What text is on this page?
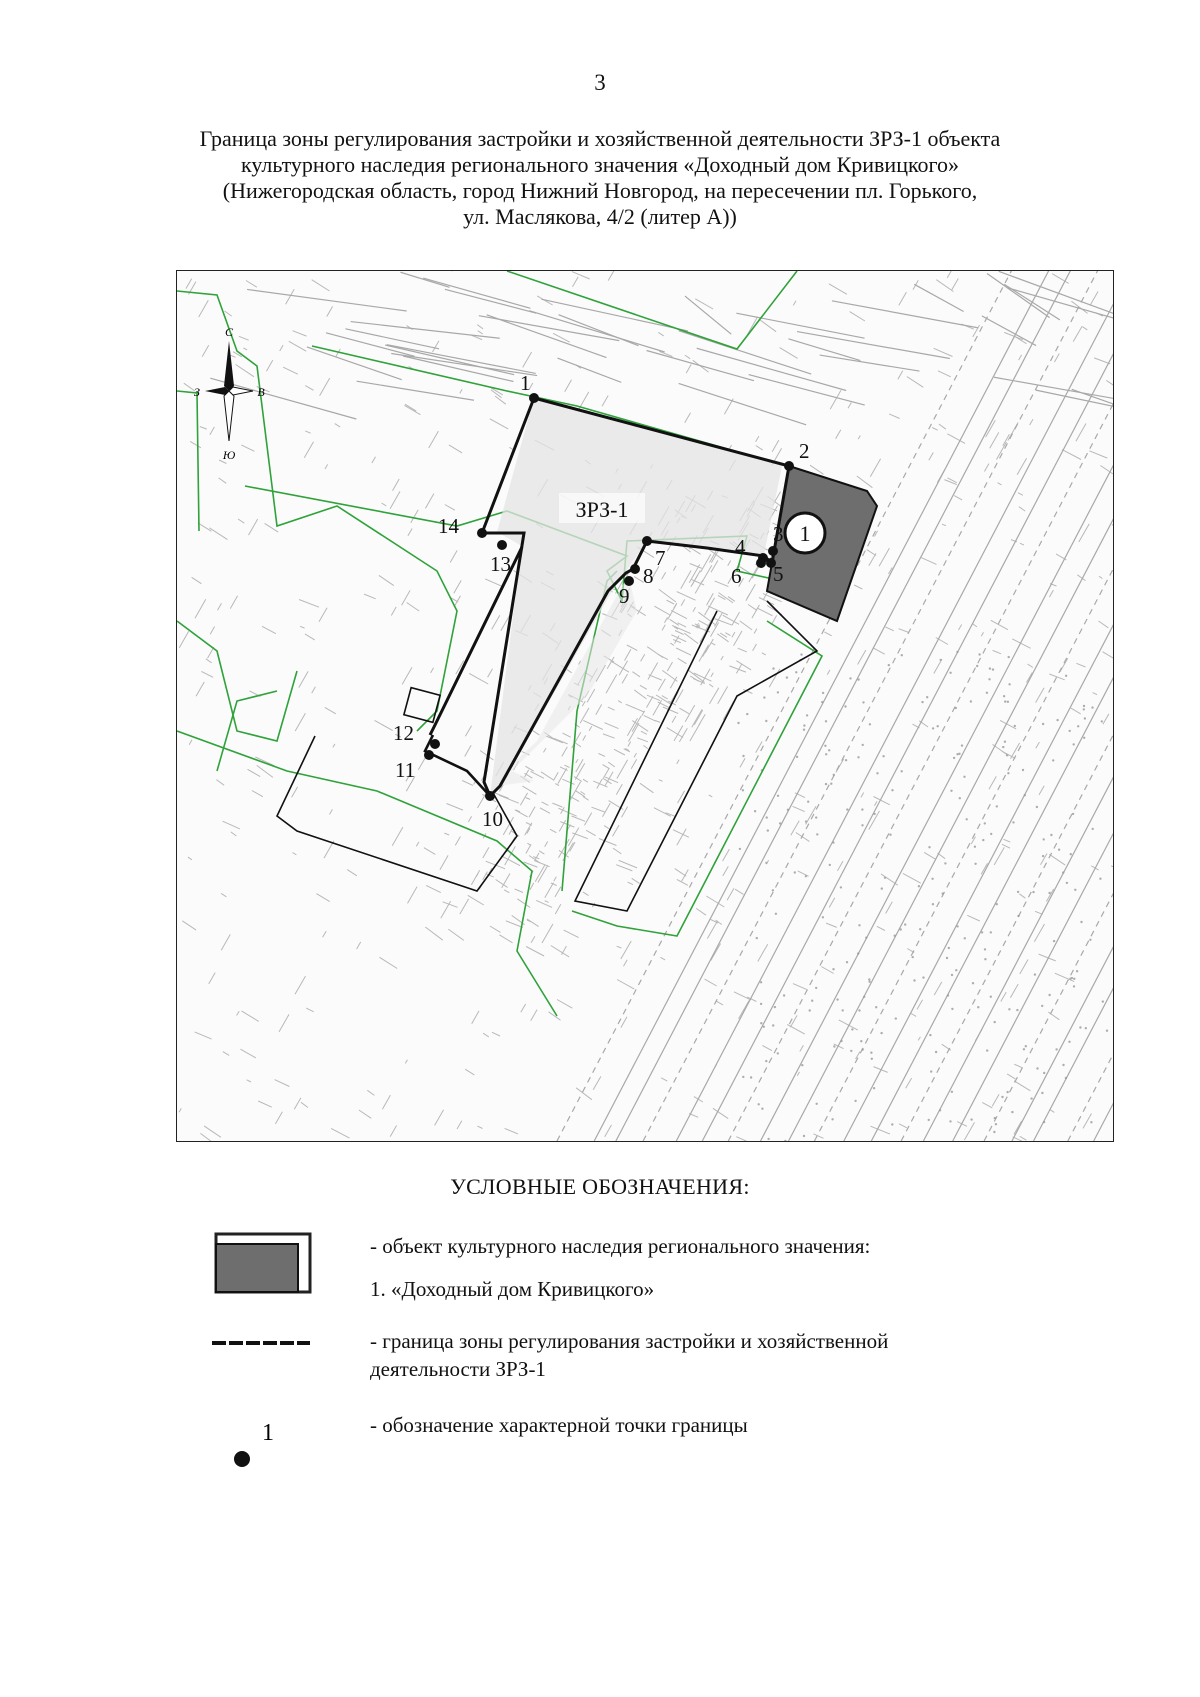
3
Граница зоны регулирования застройки и хозяйственной деятельности ЗРЗ-1 объекта
культурного наследия регионального значения «Доходный дом Кривицкого»
(Нижегородская область, город Нижний Новгород, на пересечении пл. Горького,
ул. Маслякова, 4/2 (литер А))
1
1
2
3
4
5
6
7
8
9
10
11
12
13
14
ЗРЗ-1
С
Ю
З	В
УСЛОВНЫЕ ОБОЗНАЧЕНИЯ:
- объект культурного наследия регионального значения:
1. «Доходный дом Кривицкого»
- граница зоны регулирования застройки и хозяйственной
деятельности ЗРЗ-1
1	- обозначение характерной точки границы
